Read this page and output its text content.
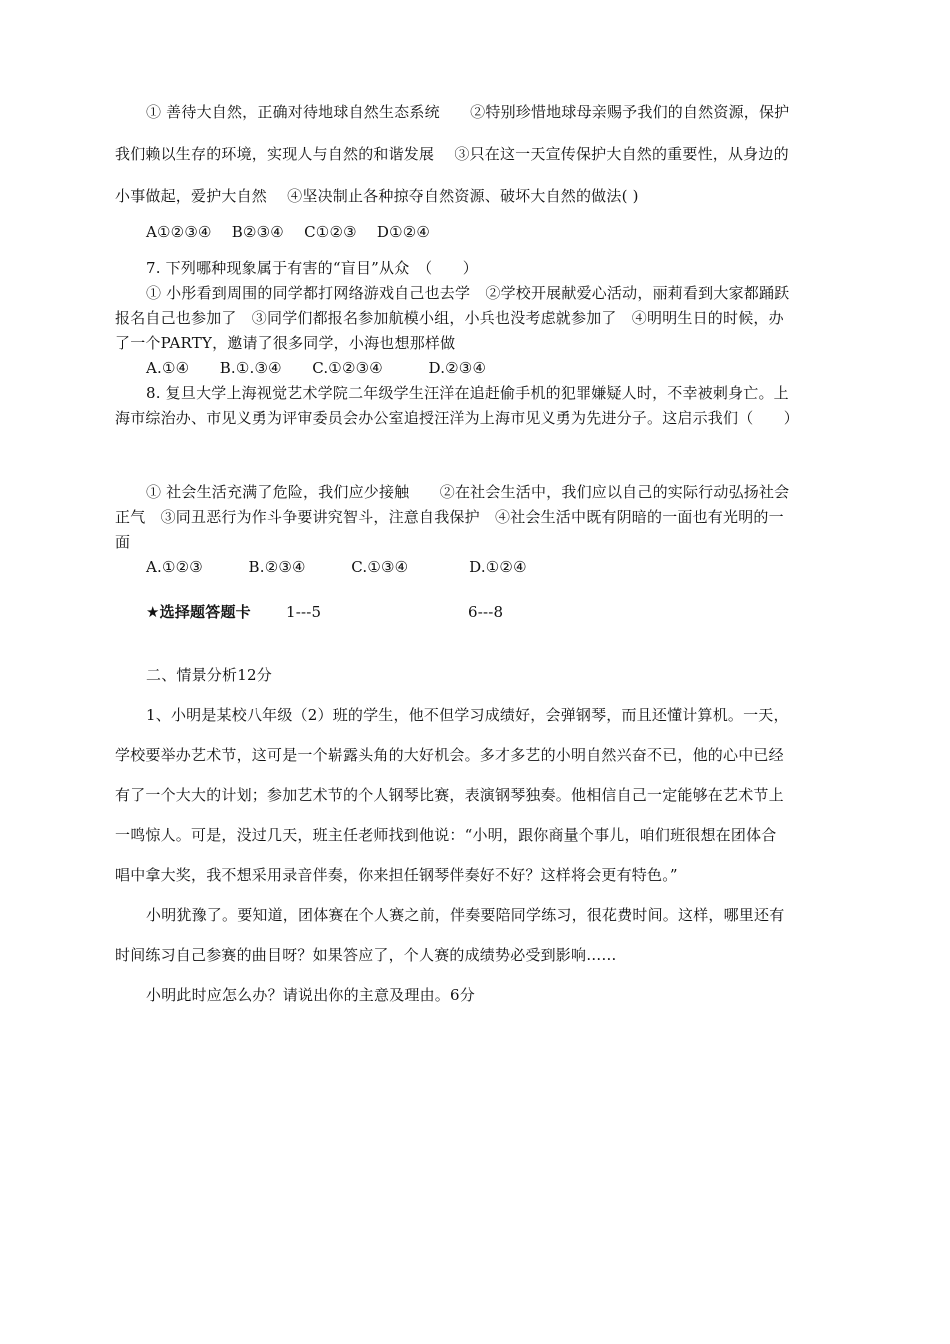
① 善待大自然，正确对待地球自然生态系统　　②特别珍惜地球母亲赐予我们的自然资源，保护
我们赖以生存的环境，实现人与自然的和谐发展　 ③只在这一天宣传保护大自然的重要性，从身边的
小事做起，爱护大自然　 ④坚决制止各种掠夺自然资源、破坏大自然的做法( )
A①②③④　 B②③④　 C①②③　 D①②④
7. 下列哪种现象属于有害的“盲目”从众　（　　）
① 小彤看到周围的同学都打网络游戏自己也去学　②学校开展献爱心活动，丽莉看到大家都踊跃
报名自己也参加了　③同学们都报名参加航模小组，小兵也没考虑就参加了　④明明生日的时候，办
了一个PARTY，邀请了很多同学，小海也想那样做
A.①④　　B.①.③④　　C.①②③④　　　D.②③④
8. 复旦大学上海视觉艺术学院二年级学生汪洋在追赶偷手机的犯罪嫌疑人时，不幸被刺身亡。上
海市综治办、市见义勇为评审委员会办公室追授汪洋为上海市见义勇为先进分子。这启示我们（　　）
① 社会生活充满了危险，我们应少接触　　②在社会生活中，我们应以自己的实际行动弘扬社会
正气　③同丑恶行为作斗争要讲究智斗，注意自我保护　④社会生活中既有阴暗的一面也有光明的一
面
A.①②③　　　B.②③④　　　C.①③④　　　　D.①②④
★选择题答题卡 1---5	6---8
二、情景分析12分
1、小明是某校八年级（2）班的学生，他不但学习成绩好，会弹钢琴，而且还懂计算机。一天，
学校要举办艺术节，这可是一个崭露头角的大好机会。多才多艺的小明自然兴奋不已，他的心中已经
有了一个大大的计划；参加艺术节的个人钢琴比赛，表演钢琴独奏。他相信自己一定能够在艺术节上
一鸣惊人。可是，没过几天，班主任老师找到他说：“小明，跟你商量个事儿，咱们班很想在团体合
唱中拿大奖，我不想采用录音伴奏，你来担任钢琴伴奏好不好？这样将会更有特色。”
小明犹豫了。要知道，团体赛在个人赛之前，伴奏要陪同学练习，很花费时间。这样，哪里还有
时间练习自己参赛的曲目呀？如果答应了，个人赛的成绩势必受到影响……
小明此时应怎么办？请说出你的主意及理由。6分
